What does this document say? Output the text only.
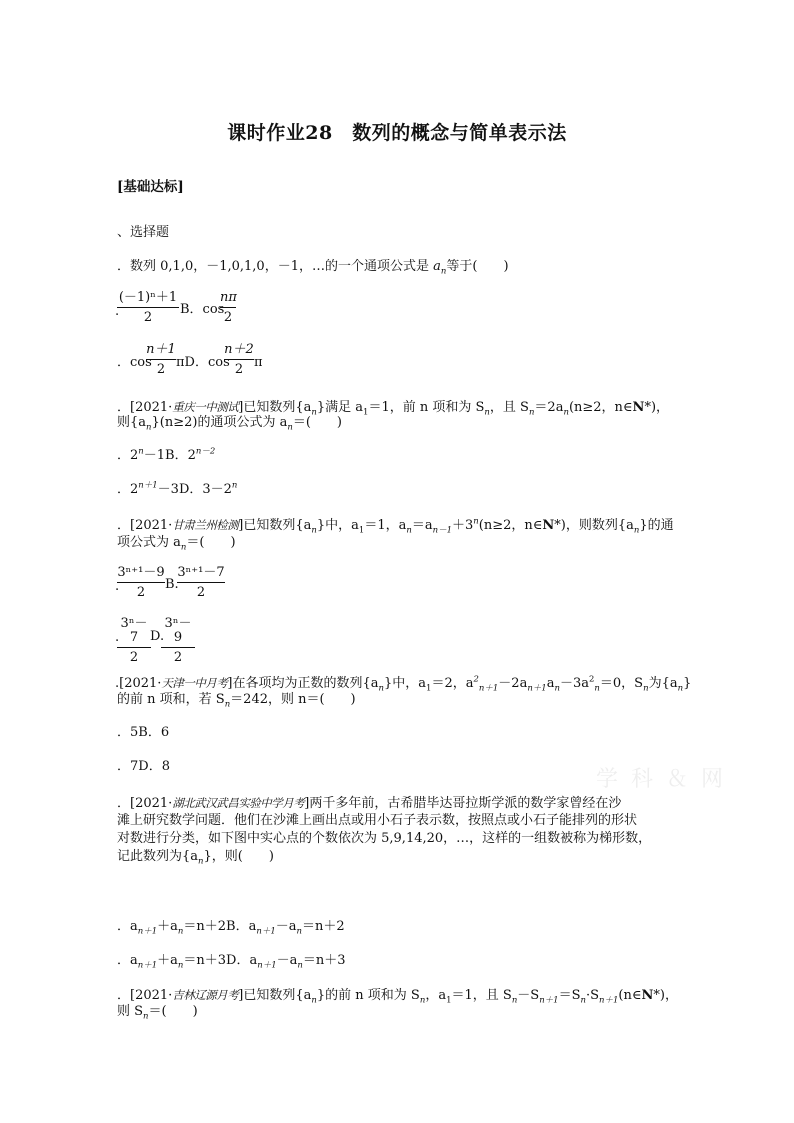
课时作业28　数列的概念与简单表示法
[基础达标]
、选择题
．数列 0,1,0，－1,0,1,0，－1，…的一个通项公式是 $a_n$等于(　　)
(－1)ⁿ＋1
2
.	B．cos
nπ
2
．cos
n＋1
2 πD．cos
n＋2
2 π
．[2021·重庆一中测试]已知数列$\{a_n\}$满足 $a_1=1$，前 n 项和为 $S_n$，且 $S_n=2a_n(n\ge 2$，n∈N*)，
则$\{a_n\}(n\ge 2)$的通项公式为 $a_n=$(　　)
．$2^n-1B$．$2^{n-2}$
．$2^{n+1}-3D$．$3-2^n$
．[2021·甘肃兰州检测]已知数列$\{a_n\}$中，$a_1=1$，$a_n=a_{n-1}+3^n(n\ge 2$，n∈N*)，则数列$\{a_n\}$的通
项公式为 $a_n=$(　　)
3ⁿ⁺¹－9
2
.	B.
3ⁿ⁺¹－7
2
3ⁿ－7
2
. D.
3ⁿ－9
2
.[2021·天津一中月考]在各项均为正数的数列$\{a_n\}$中，$a_1=2$，$a^2_{n+1}-2a_{n+1}a_n-3a^2_n=0$，$S_n$为$\{a_n\}$
的前 n 项和，若 $S_n=242$，则 n＝(　　)
．5B．6
．7D．8
．[2021·湖北武汉武昌实验中学月考]两千多年前，古希腊毕达哥拉斯学派的数学家曾经在沙
滩上研究数学问题．他们在沙滩上画出点或用小石子表示数，按照点或小石子能排列的形状
对数进行分类，如下图中实心点的个数依次为 5,9,14,20，…，这样的一组数被称为梯形数，
记此数列为$\{a_n\}$，则(　　)
．$a_{n+1}+a_n=n+2B$．$a_{n+1}-a_n=n+2$
．$a_{n+1}+a_n=n+3D$．$a_{n+1}-a_n=n+3$
．[2021·吉林辽源月考]已知数列$\{a_n\}$的前 n 项和为 $S_n$，$a_1=1$，且 $S_n-S_{n+1}=S_n\cdot S_{n+1}(n\in N*)$，
则 $S_n=$(　　)
学 科 ＆ 网
